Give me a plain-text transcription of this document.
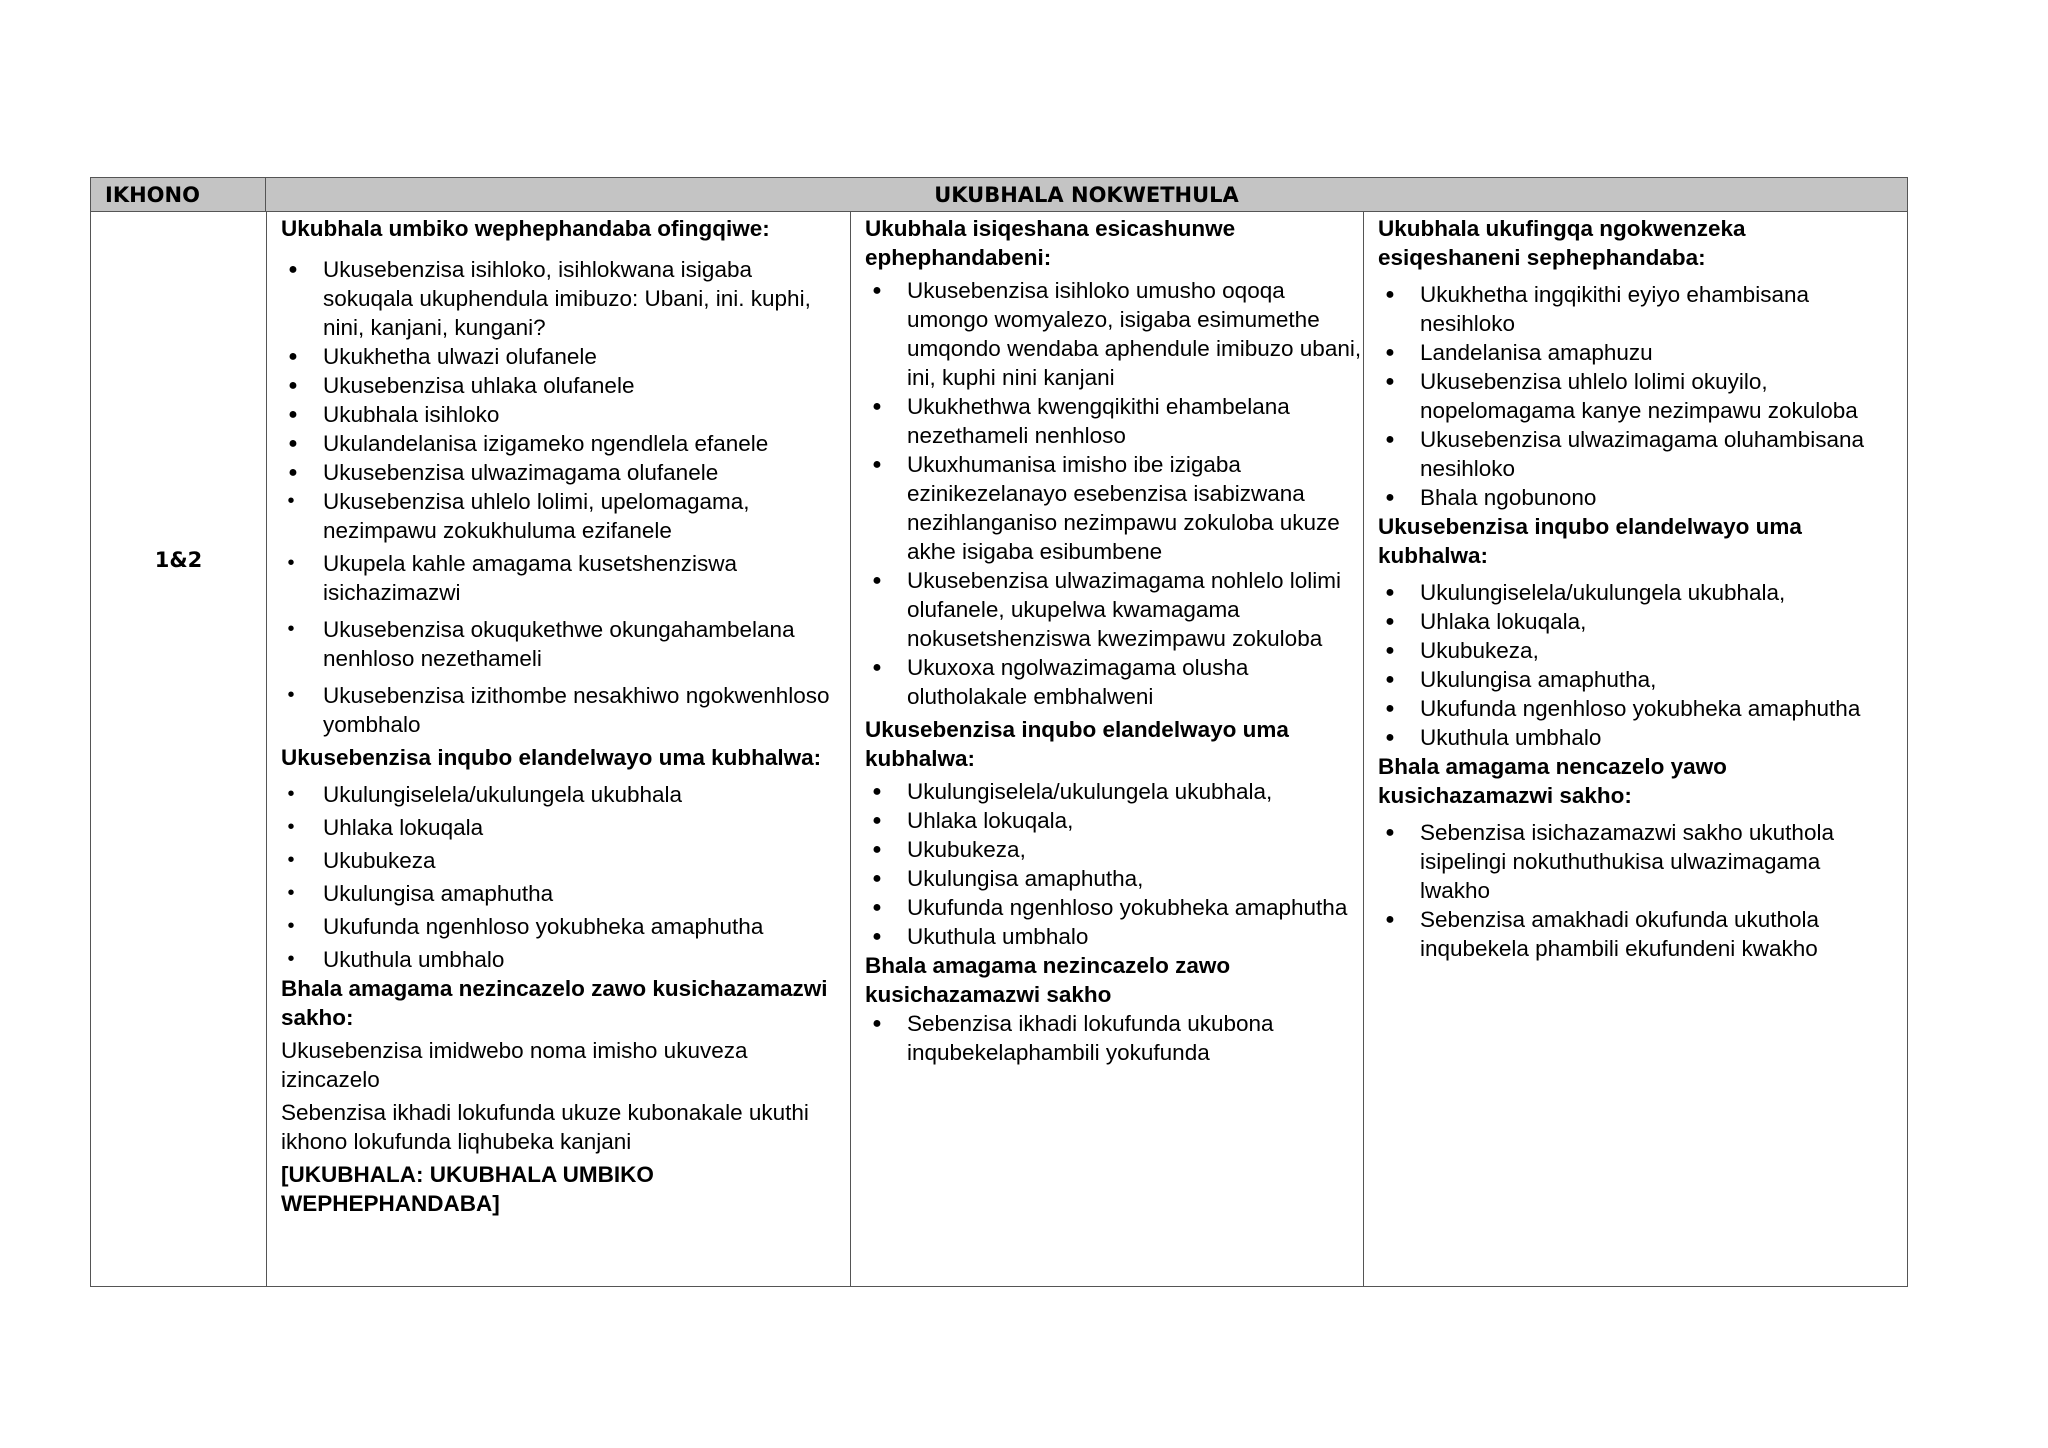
IKHONO	UKUBHALA NOKWETHULA
1&2

Ukubhala umbiko wephephandaba ofingqiwe:

● Ukusebenzisa isihloko, isihlokwana isigaba sokuqala ukuphendula imibuzo: Ubani, ini. kuphi, nini, kanjani, kungani?
● Ukukhetha ulwazi olufanele
● Ukusebenzisa uhlaka olufanele
● Ukubhala isihloko
● Ukulandelanisa izigameko ngendlela efanele
● Ukusebenzisa ulwazimagama olufanele
• Ukusebenzisa uhlelo lolimi, upelomagama, nezimpawu zokukhuluma ezifanele
• Ukupela kahle amagama kusetshenziswa isichazimazwi
• Ukusebenzisa okuqukethwe okungahambelana nenhloso nezethameli
• Ukusebenzisa izithombe nesakhiwo ngokwenhloso yombhalo

Ukusebenzisa inqubo elandelwayo uma kubhalwa:

• Ukulungiselela/ukulungela ukubhala
• Uhlaka lokuqala
• Ukubukeza
• Ukulungisa amaphutha
• Ukufunda ngenhloso yokubheka amaphutha
• Ukuthula umbhalo

Bhala amagama nezincazelo zawo kusichazamazwi sakho:

Ukusebenzisa imidwebo noma imisho ukuveza izincazelo

Sebenzisa ikhadi lokufunda ukuze kubonakale ukuthi ikhono lokufunda liqhubeka kanjani

[UKUBHALA: UKUBHALA UMBIKO WEPHEPHANDABA]

Ukubhala isiqeshana esicashunwe ephephandabeni:

● Ukusebenzisa isihloko umusho oqoqa umongo womyalezo, isigaba esimumethe umqondo wendaba aphendule imibuzo ubani, ini, kuphi nini kanjani
● Ukukhethwa kwengqikithi ehambelana nezethameli nenhloso
● Ukuxhumanisa imisho ibe izigaba ezinikezelanayo esebenzisa isabizwana nezihlanganiso nezimpawu zokuloba ukuze akhe isigaba esibumbene
● Ukusebenzisa ulwazimagama nohlelo lolimi olufanele, ukupelwa kwamagama nokusetshenziswa kwezimpawu zokuloba
● Ukuxoxa ngolwazimagama olusha olutholakale embhalweni

Ukusebenzisa inqubo elandelwayo uma kubhalwa:

● Ukulungiselela/ukulungela ukubhala,
● Uhlaka lokuqala,
● Ukubukeza,
● Ukulungisa amaphutha,
● Ukufunda ngenhloso yokubheka amaphutha
● Ukuthula umbhalo

Bhala amagama nezincazelo zawo kusichazamazwi sakho

● Sebenzisa ikhadi lokufunda ukubona inqubekelaphambili yokufunda

Ukubhala ukufingqa ngokwenzeka esiqeshaneni sephephandaba:

● Ukukhetha ingqikithi eyiyo ehambisana nesihloko
● Landelanisa amaphuzu
● Ukusebenzisa uhlelo lolimi okuyilo, nopelomagama kanye nezimpawu zokuloba
● Ukusebenzisa ulwazimagama oluhambisana nesihloko
● Bhala ngobunono

Ukusebenzisa inqubo elandelwayo uma kubhalwa:

● Ukulungiselela/ukulungela ukubhala,
● Uhlaka lokuqala,
● Ukubukeza,
● Ukulungisa amaphutha,
● Ukufunda ngenhloso yokubheka amaphutha
● Ukuthula umbhalo

Bhala amagama nencazelo yawo kusichazamazwi sakho:

● Sebenzisa isichazamazwi sakho ukuthola isipelingi nokuthuthukisa ulwazimagama lwakho
● Sebenzisa amakhadi okufunda ukuthola inqubekela phambili ekufundeni kwakho
